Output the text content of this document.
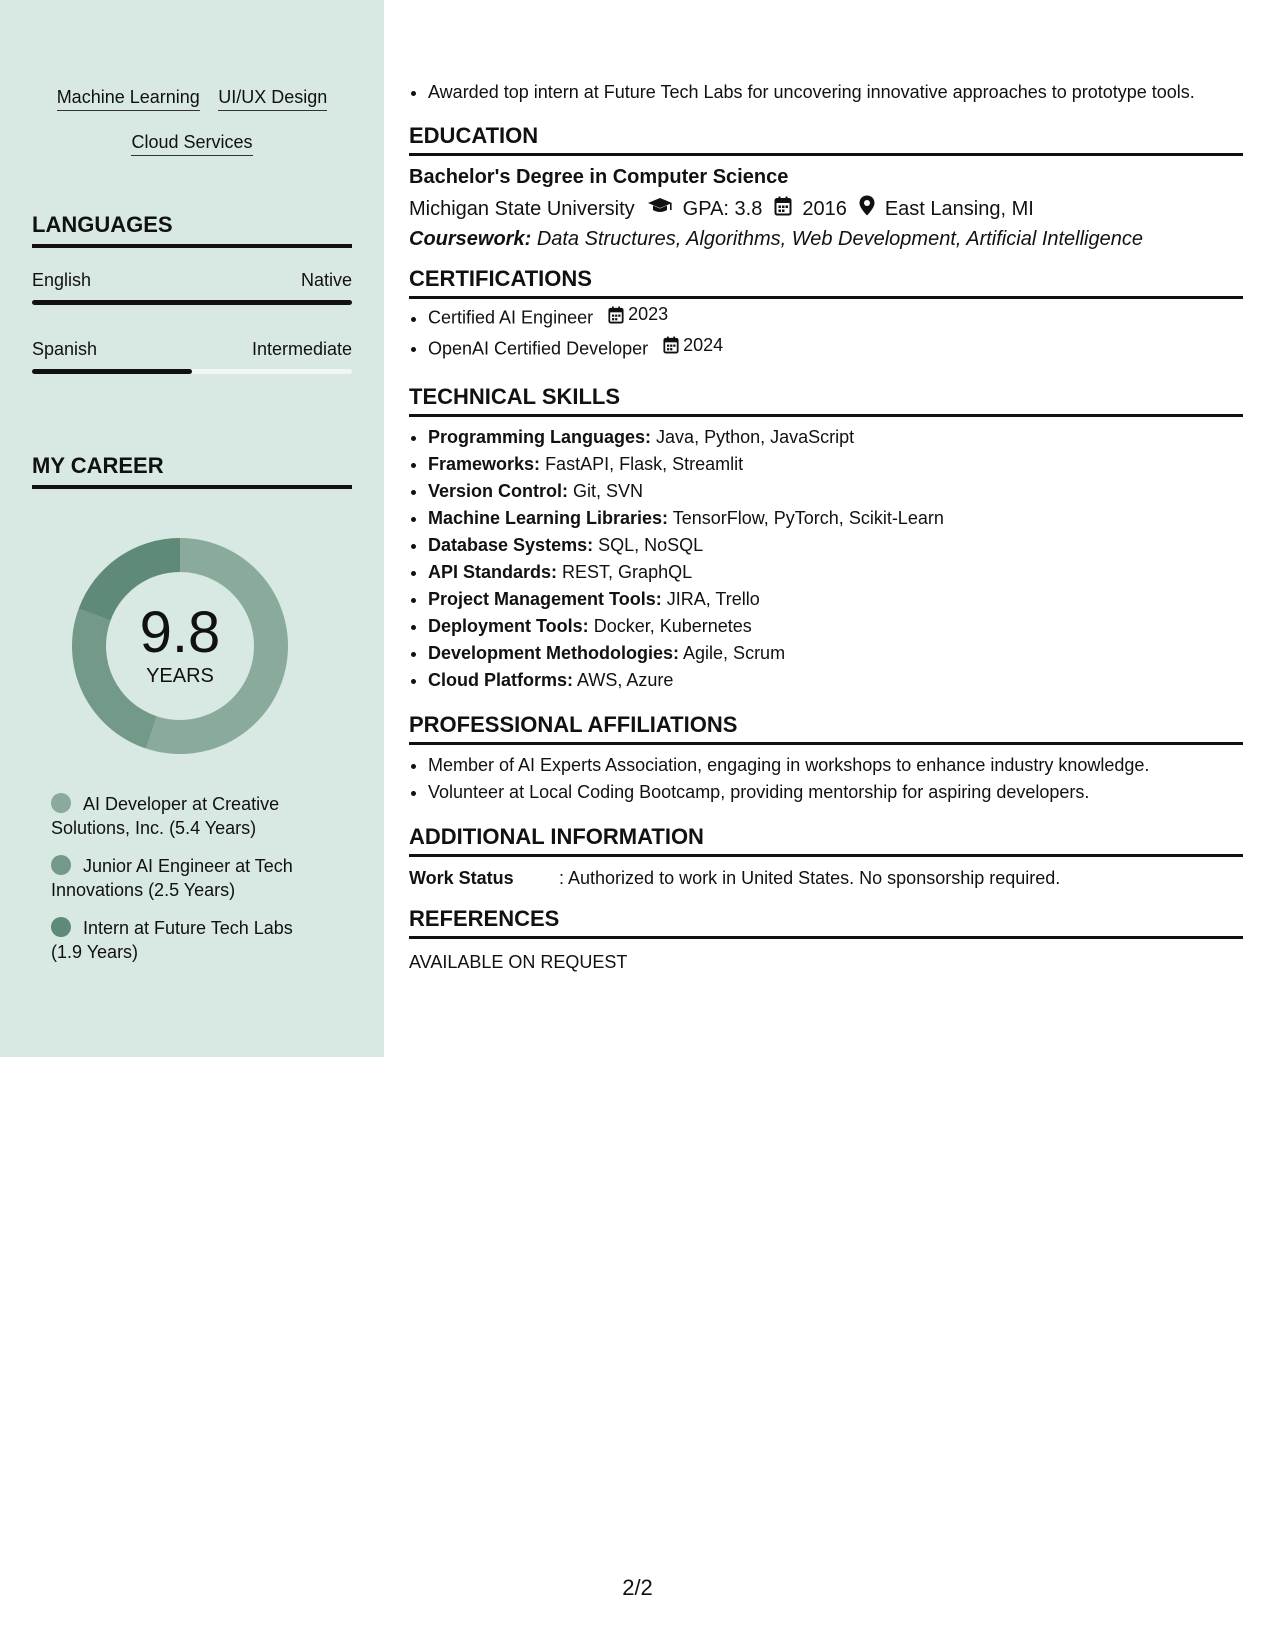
Machine Learning UI/UX Design
Cloud Services
LANGUAGES
English	Native
Spanish	Intermediate
MY CAREER
9.8
YEARS
AI Developer at Creative Solutions, Inc. (5.4 Years)
Junior AI Engineer at Tech Innovations (2.5 Years)
Intern at Future Tech Labs (1.9 Years)
• Awarded top intern at Future Tech Labs for uncovering innovative approaches to prototype tools.
EDUCATION
Bachelor's Degree in Computer Science
Michigan State University GPA: 3.8 2016 East Lansing, MI
Coursework: Data Structures, Algorithms, Web Development, Artificial Intelligence
CERTIFICATIONS
• Certified AI Engineer 2023
• OpenAI Certified Developer 2024
TECHNICAL SKILLS
• Programming Languages: Java, Python, JavaScript
• Frameworks: FastAPI, Flask, Streamlit
• Version Control: Git, SVN
• Machine Learning Libraries: TensorFlow, PyTorch, Scikit-Learn
• Database Systems: SQL, NoSQL
• API Standards: REST, GraphQL
• Project Management Tools: JIRA, Trello
• Deployment Tools: Docker, Kubernetes
• Development Methodologies: Agile, Scrum
• Cloud Platforms: AWS, Azure
PROFESSIONAL AFFILIATIONS
• Member of AI Experts Association, engaging in workshops to enhance industry knowledge.
• Volunteer at Local Coding Bootcamp, providing mentorship for aspiring developers.
ADDITIONAL INFORMATION
Work Status	: Authorized to work in United States. No sponsorship required.
REFERENCES
AVAILABLE ON REQUEST
2/2
